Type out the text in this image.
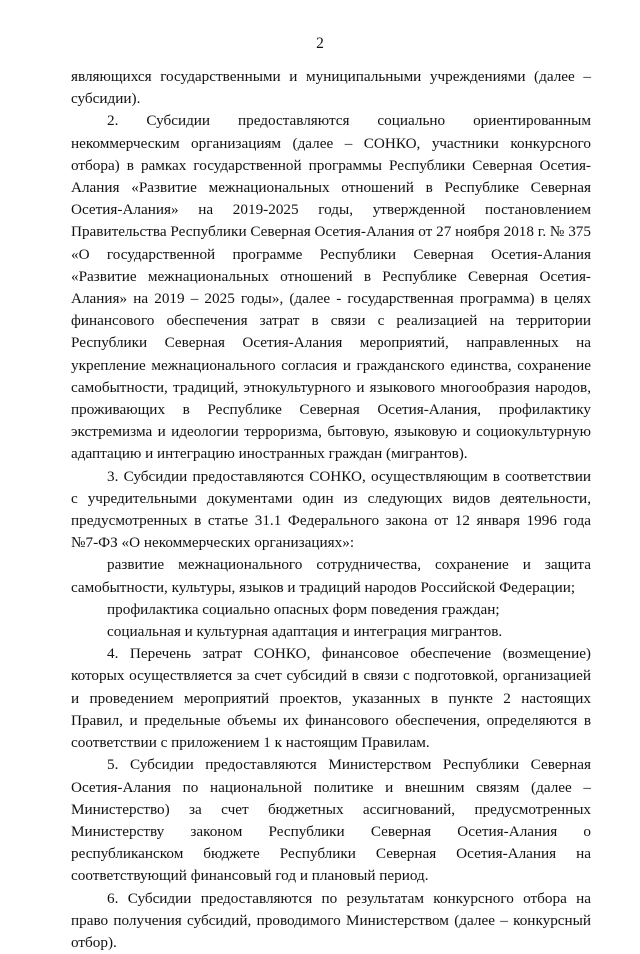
2

являющихся государственными и муниципальными учреждениями (далее – субсидии).

2. Субсидии предоставляются социально ориентированным некоммерческим организациям (далее – СОНКО, участники конкурсного отбора) в рамках государственной программы Республики Северная Осетия-Алания «Развитие межнациональных отношений в Республике Северная Осетия-Алания» на 2019-2025 годы, утвержденной постановлением Правительства Республики Северная Осетия-Алания от 27 ноября 2018 г. № 375 «О государственной программе Республики Северная Осетия-Алания «Развитие межнациональных отношений в Республике Северная Осетия-Алания» на 2019 – 2025 годы», (далее - государственная программа) в целях финансового обеспечения затрат в связи с реализацией на территории Республики Северная Осетия-Алания мероприятий, направленных на укрепление межнационального согласия и гражданского единства, сохранение самобытности, традиций, этнокультурного и языкового многообразия народов, проживающих в Республике Северная Осетия-Алания, профилактику экстремизма и идеологии терроризма, бытовую, языковую и социокультурную адаптацию и интеграцию иностранных граждан (мигрантов).

3. Субсидии предоставляются СОНКО, осуществляющим в соответствии с учредительными документами один из следующих видов деятельности, предусмотренных в статье 31.1 Федерального закона от 12 января 1996 года №7-ФЗ «О некоммерческих организациях»:

развитие межнационального сотрудничества, сохранение и защита самобытности, культуры, языков и традиций народов Российской Федерации;

профилактика социально опасных форм поведения граждан;

социальная и культурная адаптация и интеграция мигрантов.

4. Перечень затрат СОНКО, финансовое обеспечение (возмещение) которых осуществляется за счет субсидий в связи с подготовкой, организацией и проведением мероприятий проектов, указанных в пункте 2 настоящих Правил, и предельные объемы их финансового обеспечения, определяются в соответствии с приложением 1 к настоящим Правилам.

5. Субсидии предоставляются Министерством Республики Северная Осетия-Алания по национальной политике и внешним связям (далее – Министерство) за счет бюджетных ассигнований, предусмотренных Министерству законом Республики Северная Осетия-Алания о республиканском бюджете Республики Северная Осетия-Алания на соответствующий финансовый год и плановый период.

6. Субсидии предоставляются по результатам конкурсного отбора на право получения субсидий, проводимого Министерством (далее – конкурсный отбор).
